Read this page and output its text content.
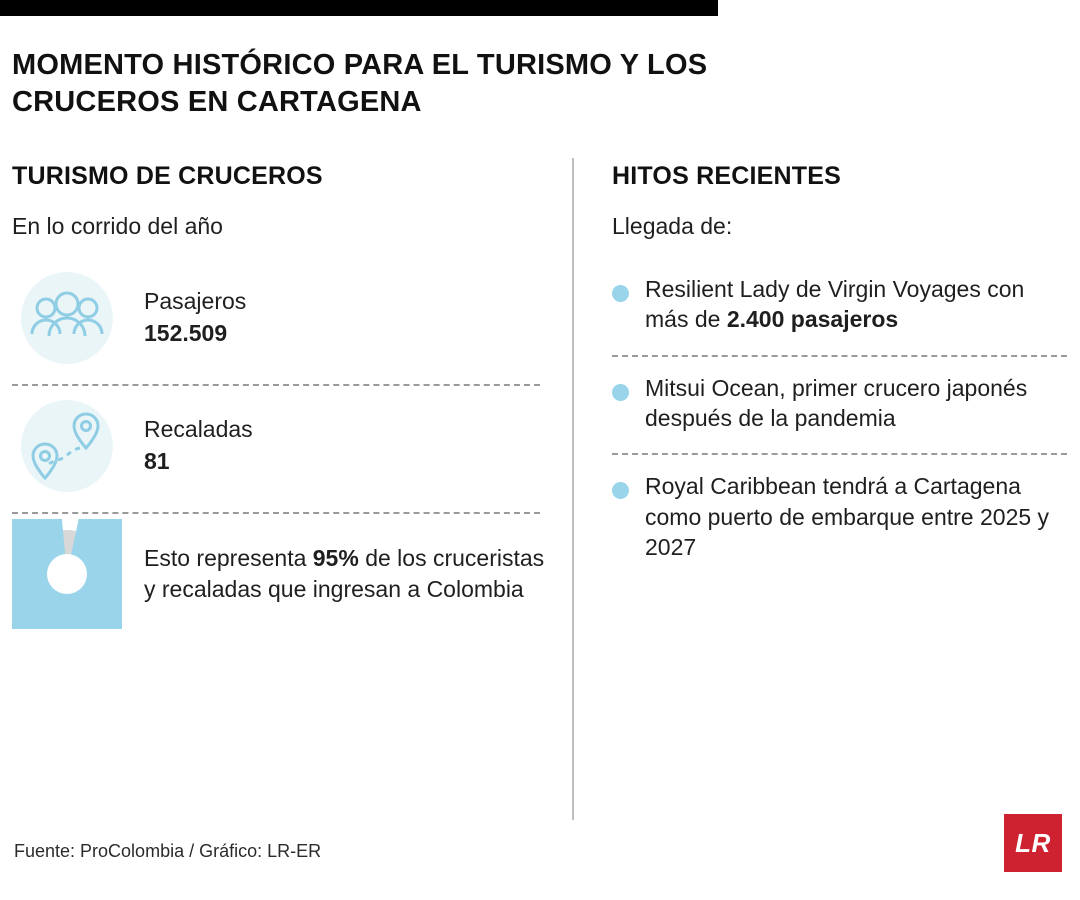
MOMENTO HISTÓRICO PARA EL TURISMO Y LOS CRUCEROS EN CARTAGENA
TURISMO DE CRUCEROS

En lo corrido del año

Pasajeros
152.509
Recaladas
81
Esto representa 95% de los cruceristas y recaladas que ingresan a Colombia
HITOS RECIENTES

Llegada de:

Resilient Lady de Virgin Voyages con más de 2.400 pasajeros
Mitsui Ocean, primer crucero japonés después de la pandemia
Royal Caribbean tendrá a Cartagena como puerto de embarque entre 2025 y 2027
Fuente: ProColombia / Gráfico: LR-ER	LR
